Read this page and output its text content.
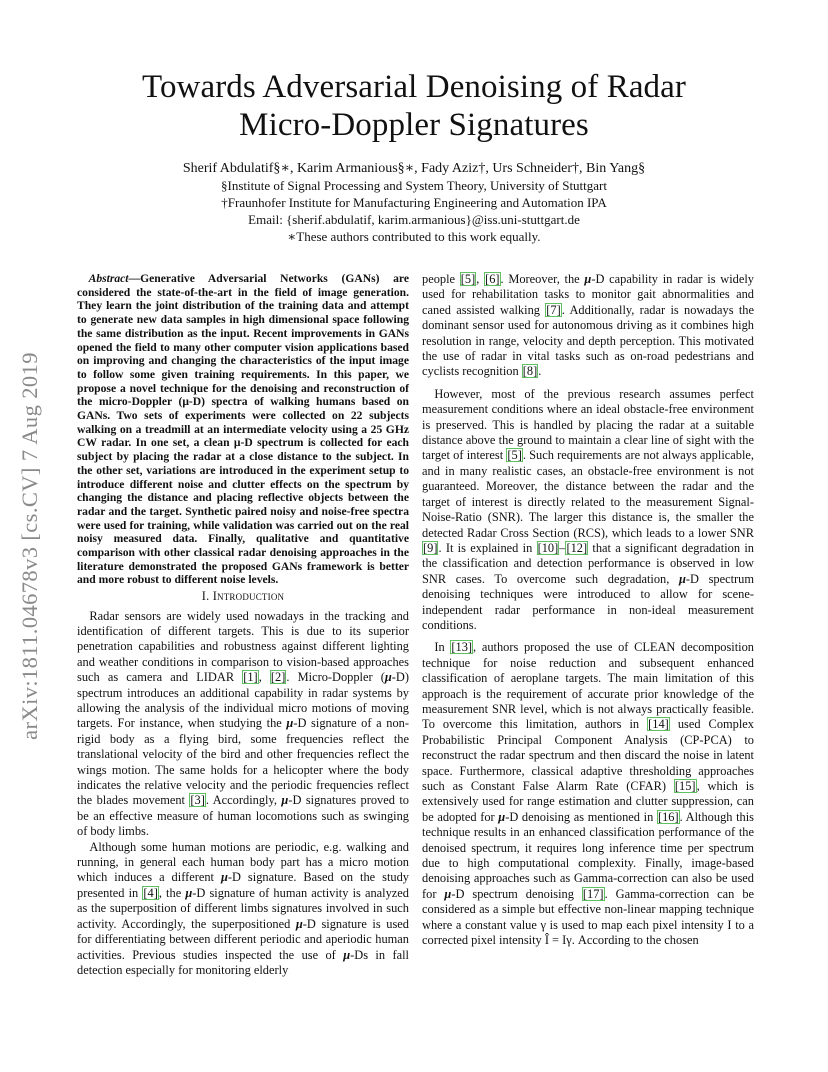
Towards Adversarial Denoising of Radar Micro-Doppler Signatures
Sherif Abdulatif§∗, Karim Armanious§∗, Fady Aziz†, Urs Schneider†, Bin Yang§
§Institute of Signal Processing and System Theory, University of Stuttgart
†Fraunhofer Institute for Manufacturing Engineering and Automation IPA
Email: {sherif.abdulatif, karim.armanious}@iss.uni-stuttgart.de
∗These authors contributed to this work equally.
arXiv:1811.04678v3 [cs.CV] 7 Aug 2019

Abstract—Generative Adversarial Networks (GANs) are considered the state-of-the-art in the field of image generation. They learn the joint distribution of the training data and attempt to generate new data samples in high dimensional space following the same distribution as the input. Recent improvements in GANs opened the field to many other computer vision applications based on improving and changing the characteristics of the input image to follow some given training requirements. In this paper, we propose a novel technique for the denoising and reconstruction of the micro-Doppler (μ-D) spectra of walking humans based on GANs. Two sets of experiments were collected on 22 subjects walking on a treadmill at an intermediate velocity using a 25 GHz CW radar. In one set, a clean μ-D spectrum is collected for each subject by placing the radar at a close distance to the subject. In the other set, variations are introduced in the experiment setup to introduce different noise and clutter effects on the spectrum by changing the distance and placing reflective objects between the radar and the target. Synthetic paired noisy and noise-free spectra were used for training, while validation was carried out on the real noisy measured data. Finally, qualitative and quantitative comparison with other classical radar denoising approaches in the literature demonstrated the proposed GANs framework is better and more robust to different noise levels.

I. Introduction

Radar sensors are widely used nowadays in the tracking and identification of different targets. This is due to its superior penetration capabilities and robustness against different lighting and weather conditions in comparison to vision-based approaches such as camera and LIDAR [1], [2]. Micro-Doppler (μ-D) spectrum introduces an additional capability in radar systems by allowing the analysis of the individual micro motions of moving targets. For instance, when studying the μ-D signature of a non-rigid body as a flying bird, some frequencies reflect the translational velocity of the bird and other frequencies reflect the wings motion. The same holds for a helicopter where the body indicates the relative velocity and the periodic frequencies reflect the blades movement [3]. Accordingly, μ-D signatures proved to be an effective measure of human locomotions such as swinging of body limbs.

Although some human motions are periodic, e.g. walking and running, in general each human body part has a micro motion which induces a different μ-D signature. Based on the study presented in [4], the μ-D signature of human activity is analyzed as the superposition of different limbs signatures involved in such activity. Accordingly, the superpositioned μ-D signature is used for differentiating between different periodic and aperiodic human activities. Previous studies inspected the use of μ-Ds in fall detection especially for monitoring elderly

people [5], [6]. Moreover, the μ-D capability in radar is widely used for rehabilitation tasks to monitor gait abnormalities and caned assisted walking [7]. Additionally, radar is nowadays the dominant sensor used for autonomous driving as it combines high resolution in range, velocity and depth perception. This motivated the use of radar in vital tasks such as on-road pedestrians and cyclists recognition [8].

However, most of the previous research assumes perfect measurement conditions where an ideal obstacle-free environment is preserved. This is handled by placing the radar at a suitable distance above the ground to maintain a clear line of sight with the target of interest [5]. Such requirements are not always applicable, and in many realistic cases, an obstacle-free environment is not guaranteed. Moreover, the distance between the radar and the target of interest is directly related to the measurement Signal-Noise-Ratio (SNR). The larger this distance is, the smaller the detected Radar Cross Section (RCS), which leads to a lower SNR [9]. It is explained in [10]–[12] that a significant degradation in the classification and detection performance is observed in low SNR cases. To overcome such degradation, μ-D spectrum denoising techniques were introduced to allow for scene-independent radar performance in non-ideal measurement conditions.

In [13], authors proposed the use of CLEAN decomposition technique for noise reduction and subsequent enhanced classification of aeroplane targets. The main limitation of this approach is the requirement of accurate prior knowledge of the measurement SNR level, which is not always practically feasible. To overcome this limitation, authors in [14] used Complex Probabilistic Principal Component Analysis (CP-PCA) to reconstruct the radar spectrum and then discard the noise in latent space. Furthermore, classical adaptive thresholding approaches such as Constant False Alarm Rate (CFAR) [15], which is extensively used for range estimation and clutter suppression, can be adopted for μ-D denoising as mentioned in [16]. Although this technique results in an enhanced classification performance of the denoised spectrum, it requires long inference time per spectrum due to high computational complexity. Finally, image-based denoising approaches such as Gamma-correction can also be used for μ-D spectrum denoising [17]. Gamma-correction can be considered as a simple but effective non-linear mapping technique where a constant value γ is used to map each pixel intensity I to a corrected pixel intensity Î = Iγ. According to the chosen
